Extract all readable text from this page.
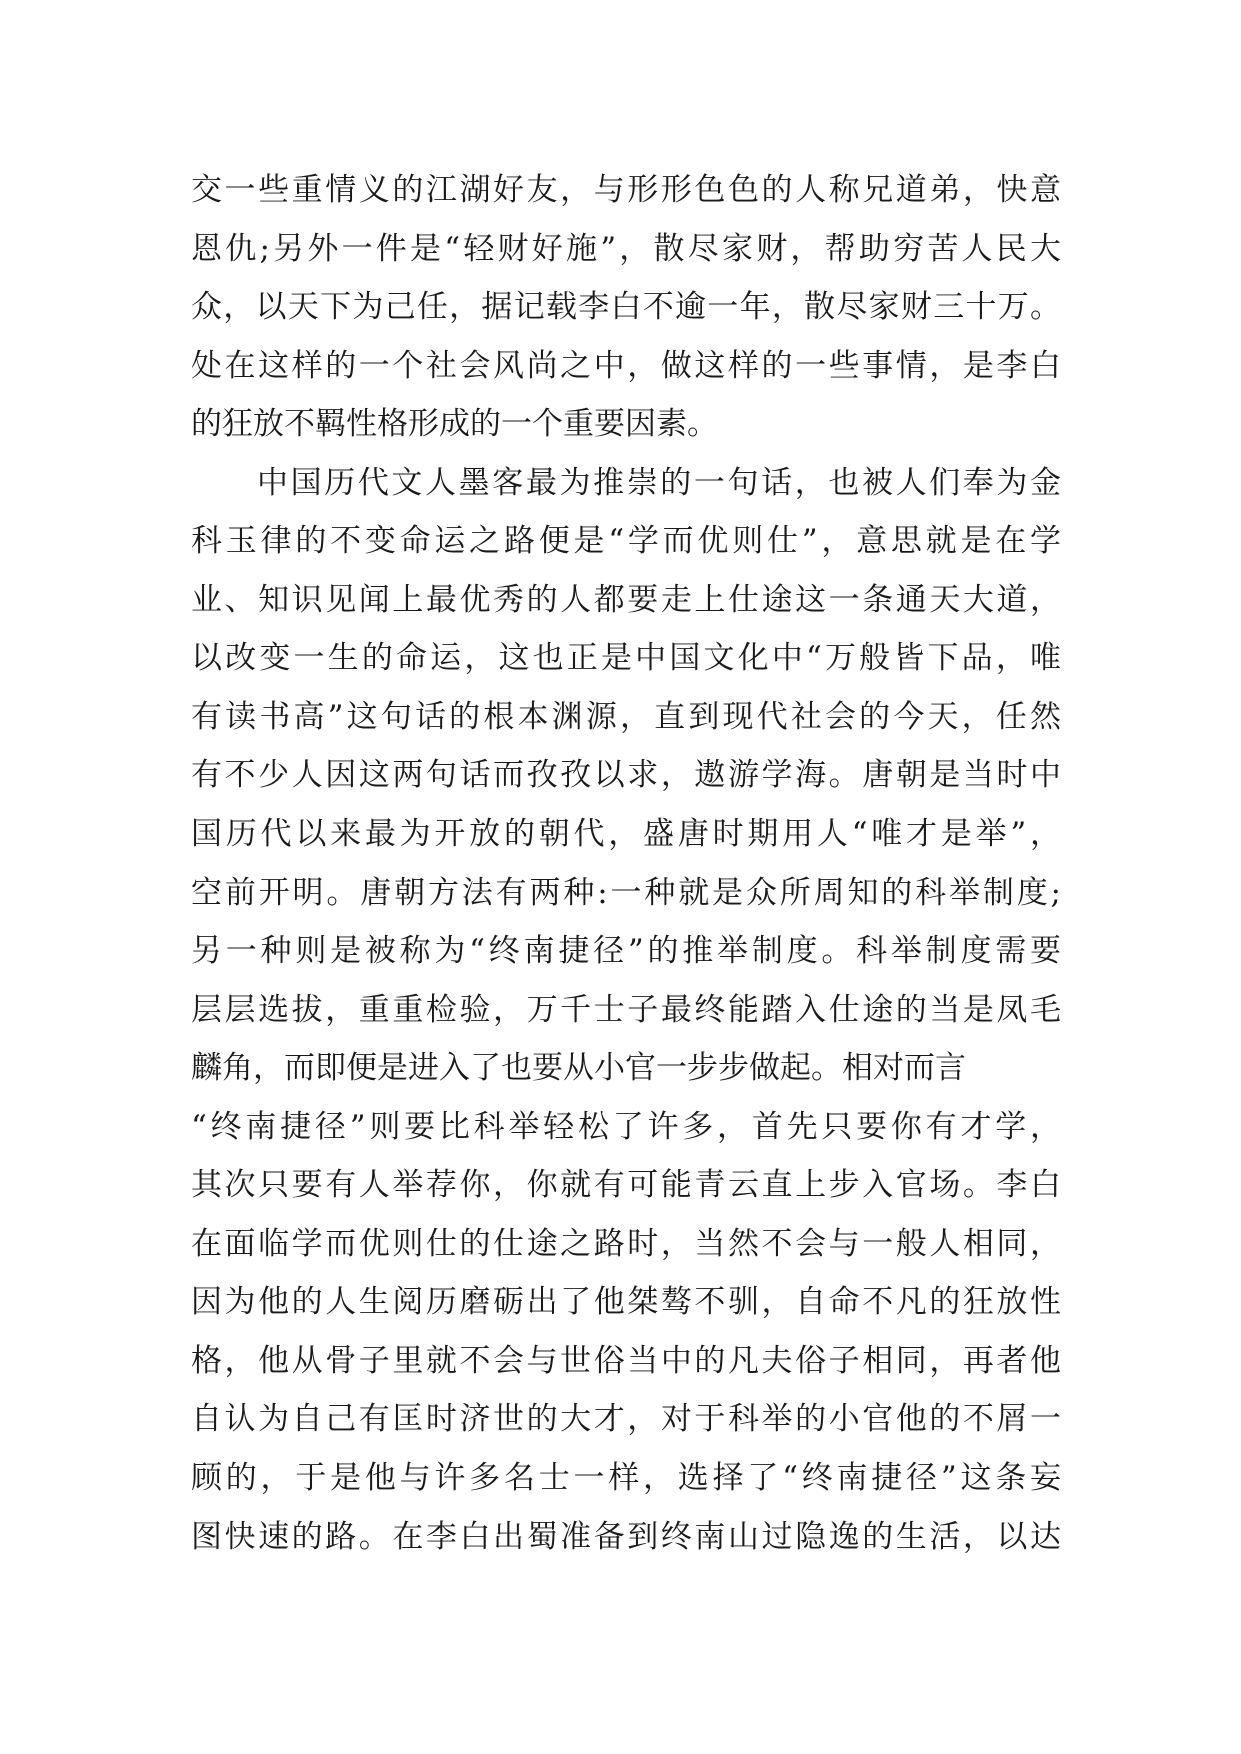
交一些重情义的江湖好友，与形形色色的人称兄道弟，快意
恩仇;另外一件是“轻财好施”，散尽家财，帮助穷苦人民大
众，以天下为己任，据记载李白不逾一年，散尽家财三十万。
处在这样的一个社会风尚之中，做这样的一些事情，是李白
的狂放不羁性格形成的一个重要因素。
中国历代文人墨客最为推崇的一句话，也被人们奉为金
科玉律的不变命运之路便是“学而优则仕”，意思就是在学
业、知识见闻上最优秀的人都要走上仕途这一条通天大道，
以改变一生的命运，这也正是中国文化中“万般皆下品，唯
有读书高”这句话的根本渊源，直到现代社会的今天，任然
有不少人因这两句话而孜孜以求，遨游学海。唐朝是当时中
国历代以来最为开放的朝代，盛唐时期用人“唯才是举”，
空前开明。唐朝方法有两种:一种就是众所周知的科举制度;
另一种则是被称为“终南捷径”的推举制度。科举制度需要
层层选拔，重重检验，万千士子最终能踏入仕途的当是凤毛
麟角，而即便是进入了也要从小官一步步做起。相对而言
“终南捷径”则要比科举轻松了许多，首先只要你有才学，
其次只要有人举荐你，你就有可能青云直上步入官场。李白
在面临学而优则仕的仕途之路时，当然不会与一般人相同，
因为他的人生阅历磨砺出了他桀骜不驯，自命不凡的狂放性
格，他从骨子里就不会与世俗当中的凡夫俗子相同，再者他
自认为自己有匡时济世的大才，对于科举的小官他的不屑一
顾的，于是他与许多名士一样，选择了“终南捷径”这条妄
图快速的路。在李白出蜀准备到终南山过隐逸的生活，以达
